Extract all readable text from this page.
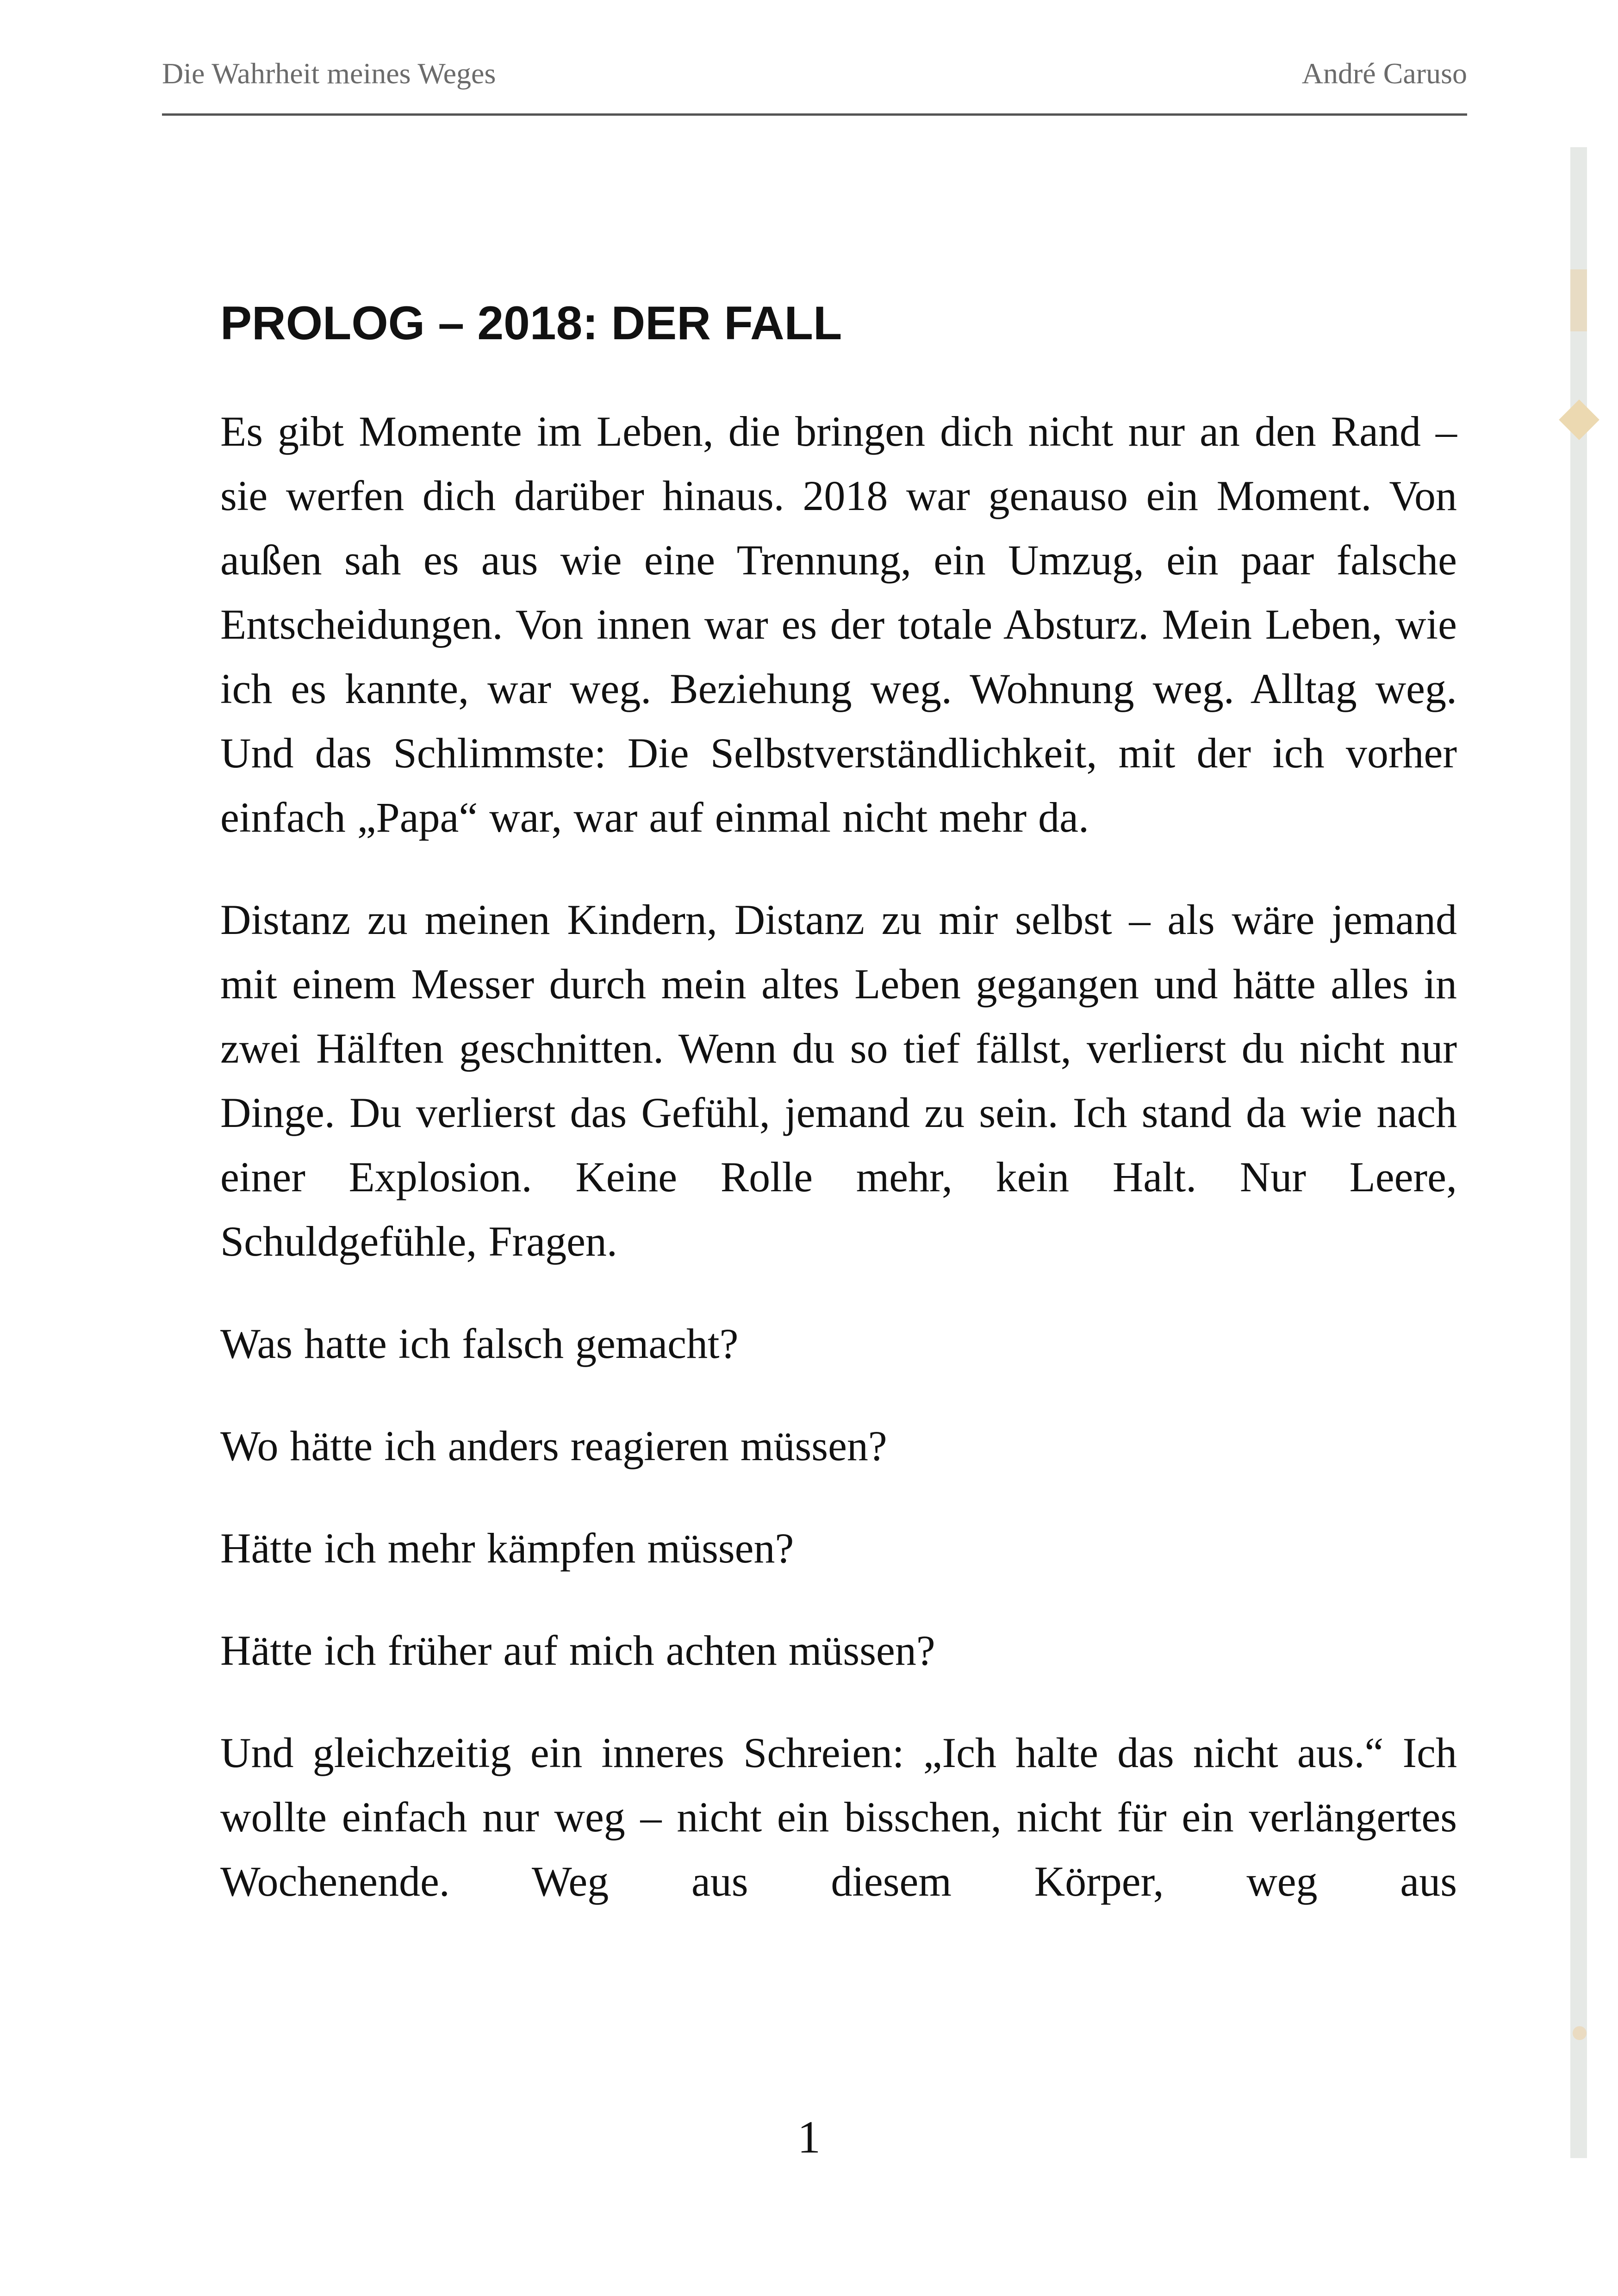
Die Wahrheit meines Weges	André Caruso
PROLOG – 2018: DER FALL

Es gibt Momente im Leben, die bringen dich nicht nur an den Rand – sie werfen dich darüber hinaus. 2018 war genauso ein Moment. Von außen sah es aus wie eine Trennung, ein Umzug, ein paar falsche Entscheidungen. Von innen war es der totale Absturz. Mein Leben, wie ich es kannte, war weg. Beziehung weg. Wohnung weg. Alltag weg. Und das Schlimmste: Die Selbstverständlichkeit, mit der ich vorher einfach „Papa“ war, war auf einmal nicht mehr da.

Distanz zu meinen Kindern, Distanz zu mir selbst – als wäre jemand mit einem Messer durch mein altes Leben gegangen und hätte alles in zwei Hälften geschnitten. Wenn du so tief fällst, verlierst du nicht nur Dinge. Du verlierst das Gefühl, jemand zu sein. Ich stand da wie nach einer Explosion. Keine Rolle mehr, kein Halt. Nur Leere, Schuldgefühle, Fragen.

Was hatte ich falsch gemacht?

Wo hätte ich anders reagieren müssen?

Hätte ich mehr kämpfen müssen?

Hätte ich früher auf mich achten müssen?

Und gleichzeitig ein inneres Schreien: „Ich halte das nicht aus.“ Ich wollte einfach nur weg – nicht ein bisschen, nicht für ein verlängertes Wochenende. Weg aus diesem Körper, weg aus

1
